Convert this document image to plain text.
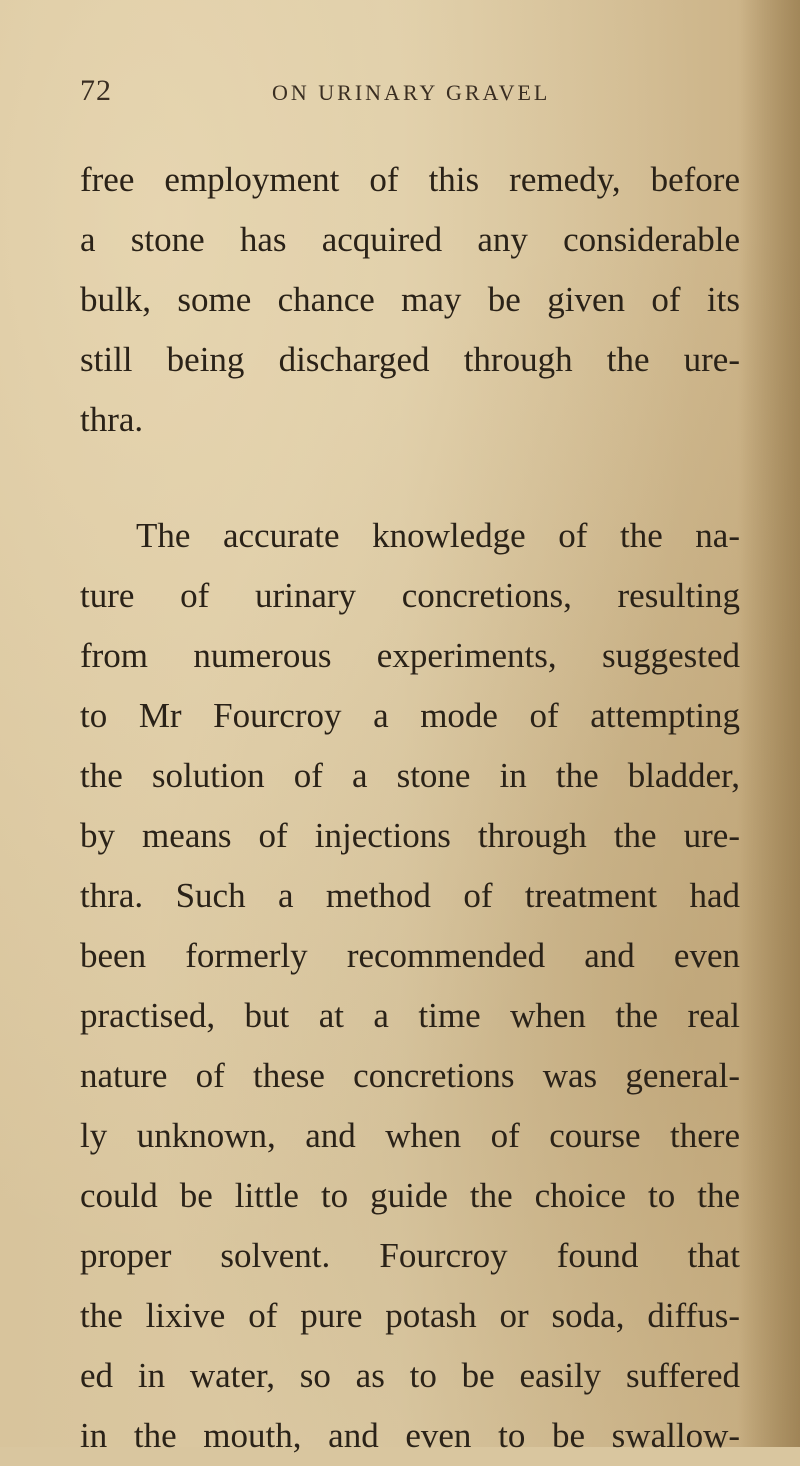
72	ON URINARY GRAVEL
free employment of this remedy, before
a stone has acquired any considerable
bulk, some chance may be given of its
still being discharged through the ure-
thra.
The accurate knowledge of the na-
ture of urinary concretions, resulting
from numerous experiments, suggested
to Mr Fourcroy a mode of attempting
the solution of a stone in the bladder,
by means of injections through the ure-
thra. Such a method of treatment had
been formerly recommended and even
practised, but at a time when the real
nature of these concretions was general-
ly unknown, and when of course there
could be little to guide the choice to the
proper solvent. Fourcroy found that
the lixive of pure potash or soda, diffus-
ed in water, so as to be easily suffered
in the mouth, and even to be swallow-
